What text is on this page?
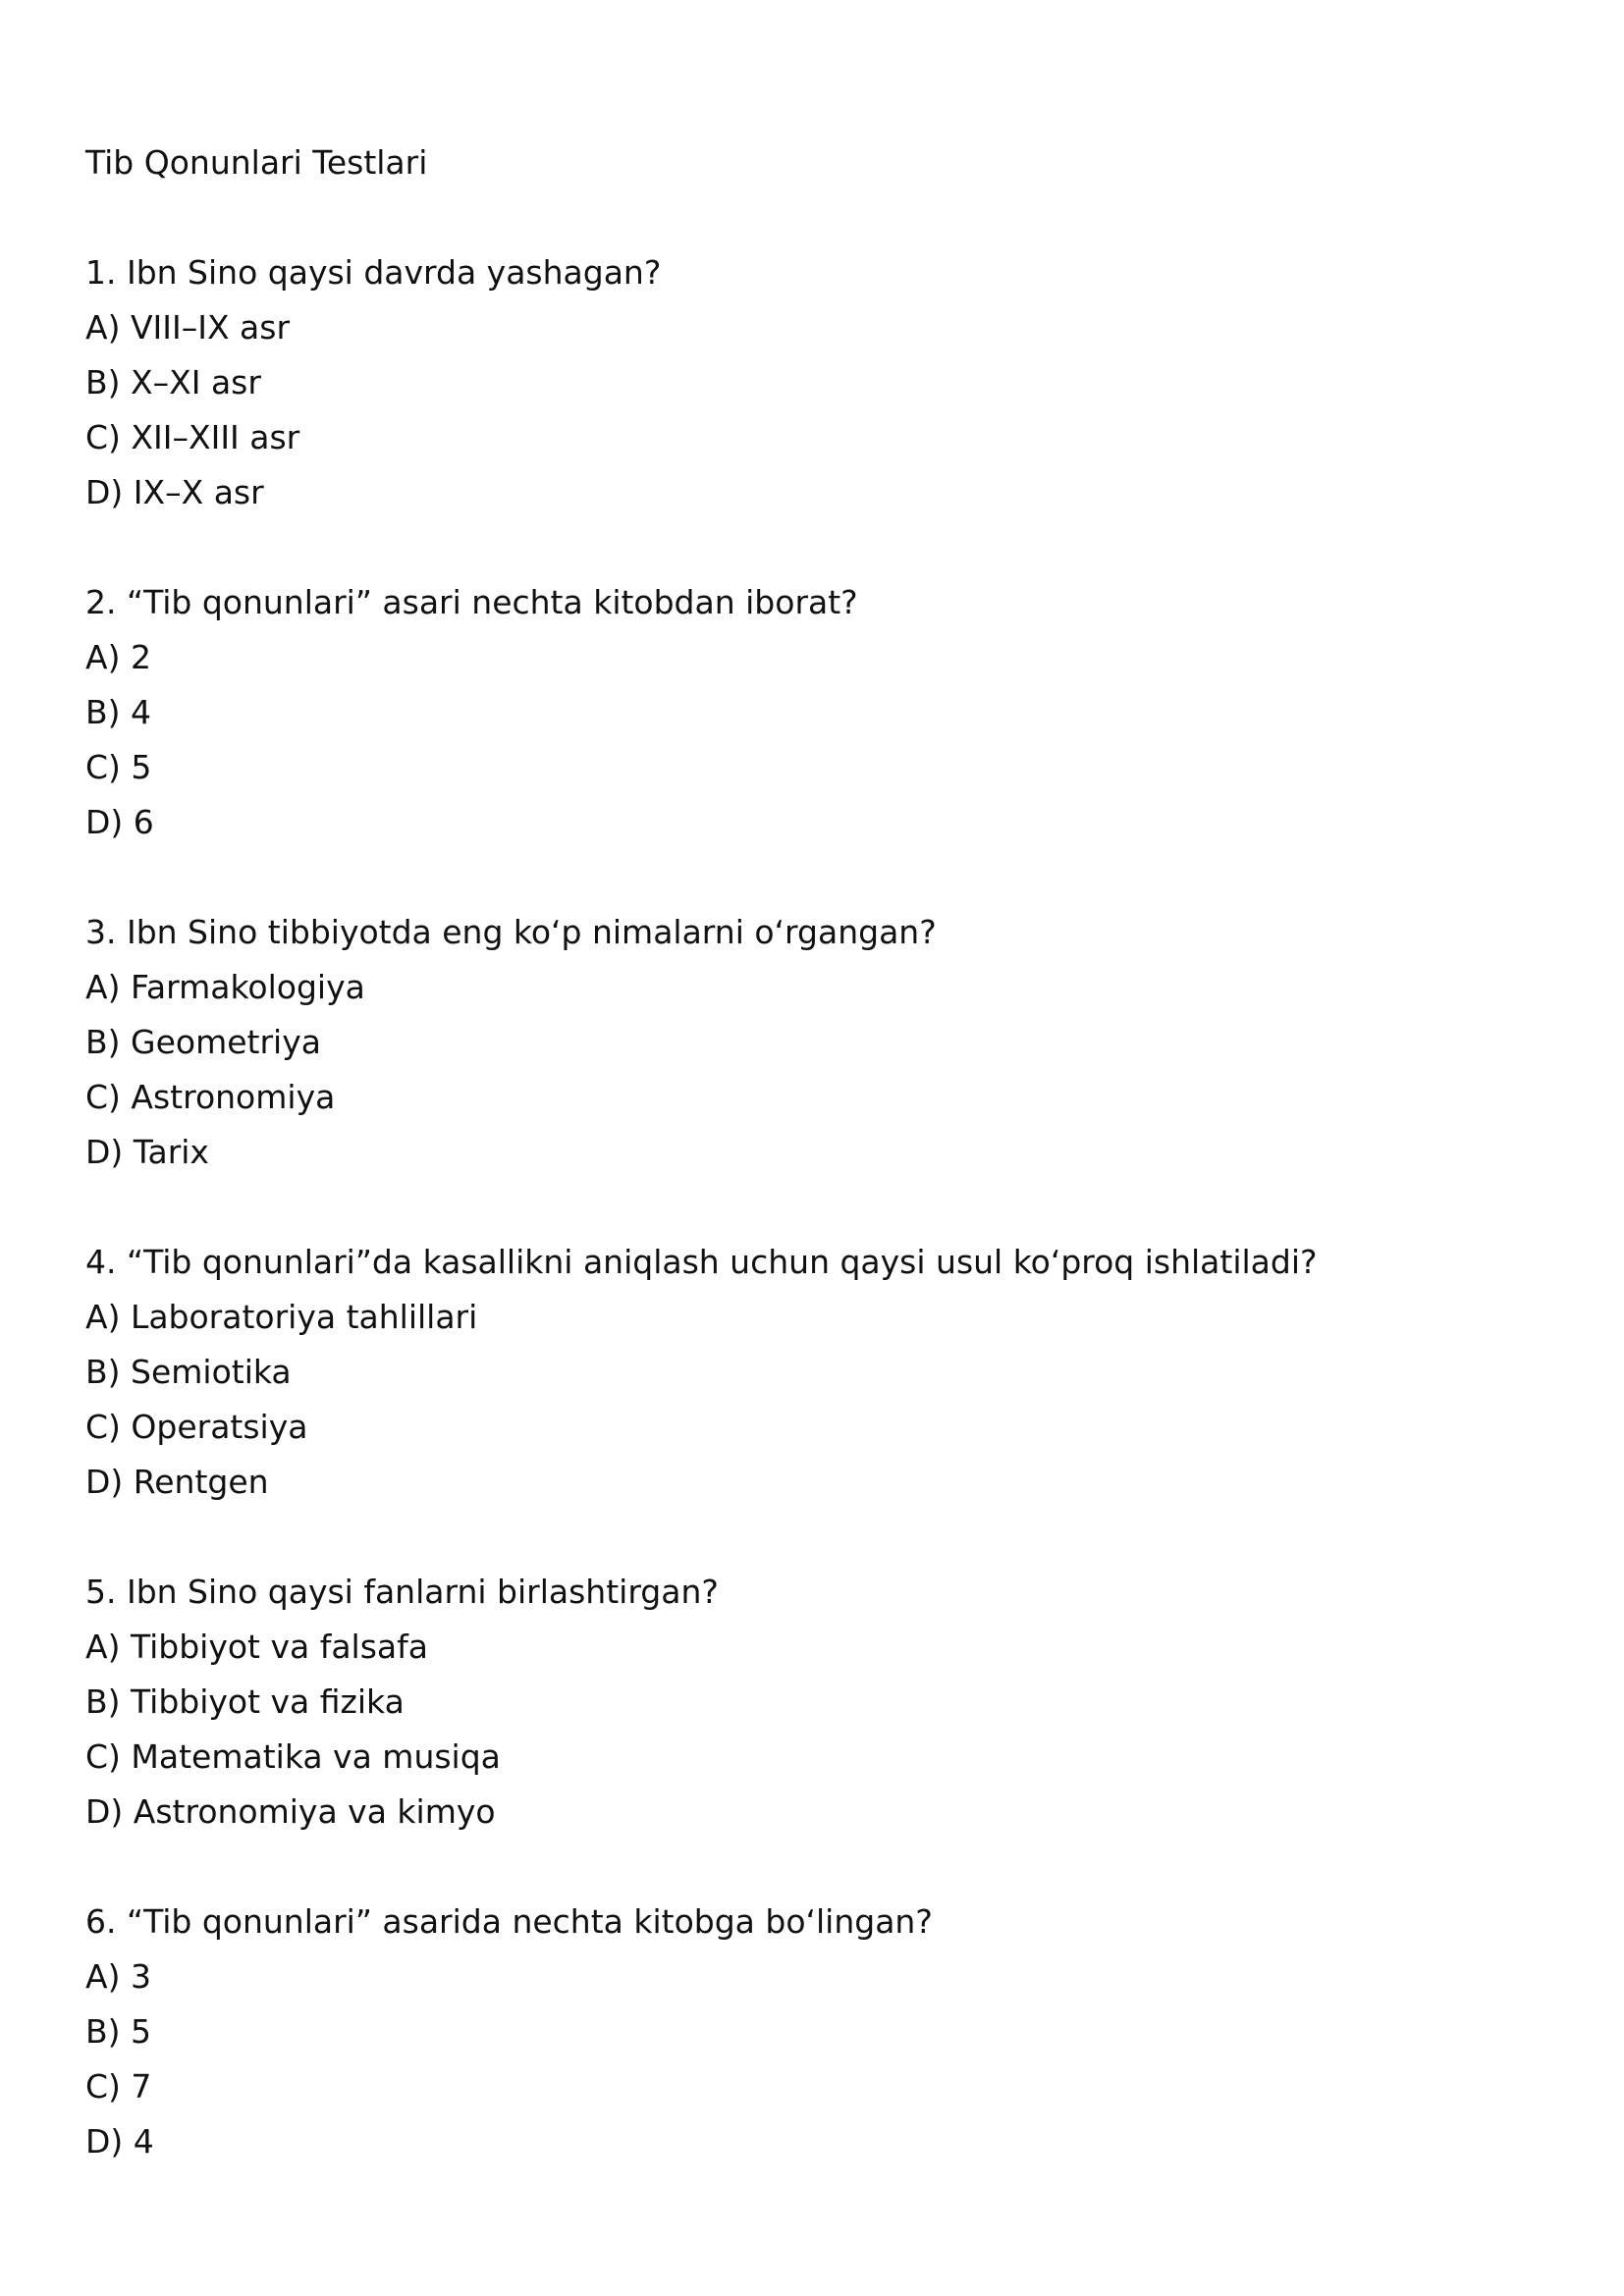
Tib Qonunlari Testlari
1. Ibn Sino qaysi davrda yashagan?
A) VIII–IX asr
B) X–XI asr
C) XII–XIII asr
D) IX–X asr
2. “Tib qonunlari” asari nechta kitobdan iborat?
A) 2
B) 4
C) 5
D) 6
3. Ibn Sino tibbiyotda eng koʻp nimalarni oʻrgangan?
A) Farmakologiya
B) Geometriya
C) Astronomiya
D) Tarix
4. “Tib qonunlari”da kasallikni aniqlash uchun qaysi usul koʻproq ishlatiladi?
A) Laboratoriya tahlillari
B) Semiotika
C) Operatsiya
D) Rentgen
5. Ibn Sino qaysi fanlarni birlashtirgan?
A) Tibbiyot va falsafa
B) Tibbiyot va fizika
C) Matematika va musiqa
D) Astronomiya va kimyo
6. “Tib qonunlari” asarida nechta kitobga boʻlingan?
A) 3
B) 5
C) 7
D) 4
